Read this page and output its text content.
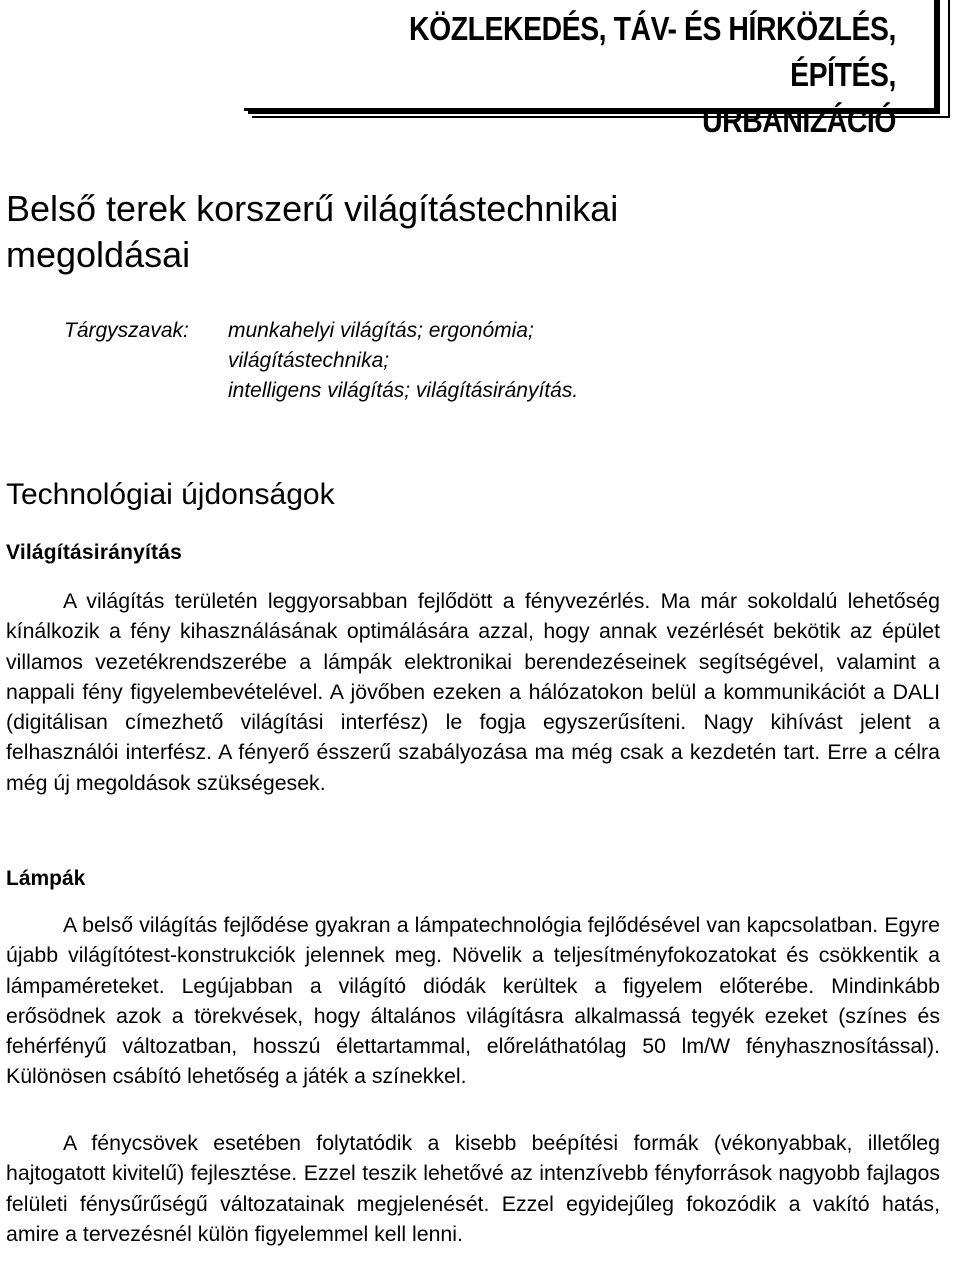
KÖZLEKEDÉS, TÁV- ÉS HÍRKÖZLÉS, ÉPÍTÉS,
URBANIZÁCIÓ
Belső terek korszerű világítástechnikai
megoldásai
Tárgyszavak:	munkahelyi világítás; ergonómia;
világítástechnika;
intelligens világítás; világításirányítás.
Technológiai újdonságok
Világításirányítás

A világítás területén leggyorsabban fejlődött a fényvezérlés. Ma már sokoldalú lehetőség kínálkozik a fény kihasználásának optimálására azzal, hogy annak vezérlését bekötik az épület villamos vezetékrendszerébe a lámpák elektronikai berendezéseinek segítségével, valamint a nappali fény figyelembevételével. A jövőben ezeken a hálózatokon belül a kommunikációt a DALI (digitálisan címezhető világítási interfész) le fogja egyszerűsíteni. Nagy kihívást jelent a felhasználói interfész. A fényerő ésszerű szabályozása ma még csak a kezdetén tart. Erre a célra még új megoldások szükségesek.

Lámpák

A belső világítás fejlődése gyakran a lámpatechnológia fejlődésével van kapcsolatban. Egyre újabb világítótest-konstrukciók jelennek meg. Növelik a teljesítményfokozatokat és csökkentik a lámpaméreteket. Legújabban a világító diódák kerültek a figyelem előterébe. Mindinkább erősödnek azok a törekvések, hogy általános világításra alkalmassá tegyék ezeket (színes és fehérfényű változatban, hosszú élettartammal, előreláthatólag 50 lm/W fényhasznosítással). Különösen csábító lehetőség a játék a színekkel.

A fénycsövek esetében folytatódik a kisebb beépítési formák (vékonyabbak, illetőleg hajtogatott kivitelű) fejlesztése. Ezzel teszik lehetővé az intenzívebb fényforrások nagyobb fajlagos felületi fénysűrűségű változatainak megjelenését. Ezzel egyidejűleg fokozódik a vakító hatás, amire a tervezésnél külön figyelemmel kell lenni.
